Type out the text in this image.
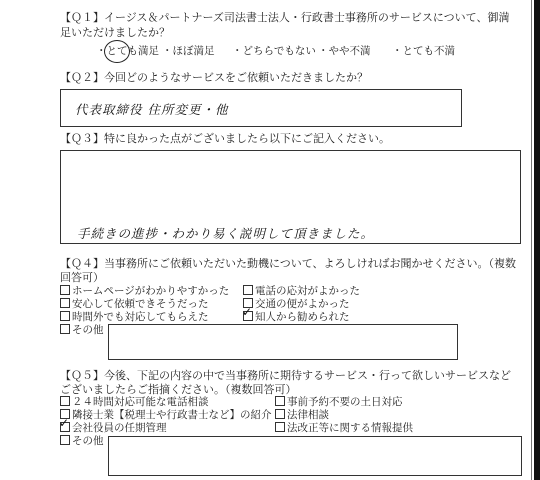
【Ｑ１】イージス＆パートナーズ司法書士法人・行政書士事務所のサービスについて、御満
足いただけましたか？
・とても満足 ・ほぼ満足 ・どちらでもない ・やや不満 ・とても不満
【Ｑ２】今回どのようなサービスをご依頼いただきましたか？
代表取締役 住所変更・他
【Ｑ３】特に良かった点がございましたら以下にご記入ください。
手続きの進捗・わかり易く説明して頂きました。
【Ｑ４】当事務所にご依頼いただいた動機について、よろしければお聞かせください。（複数
回答可）
ホームページがわかりやすかった
安心して依頼できそうだった
時間外でも対応してもらえた
その他
電話の応対がよかった
交通の便がよかった
✓知人から勧められた
【Ｑ５】今後、下記の内容の中で当事務所に期待するサービス・行って欲しいサービスなど
ございましたらご指摘ください。（複数回答可）
２４時間対応可能な電話相談
隣接士業【税理士や行政書士など】の紹介
✓会社役員の任期管理
その他
事前予約不要の土日対応
法律相談
法改正等に関する情報提供
